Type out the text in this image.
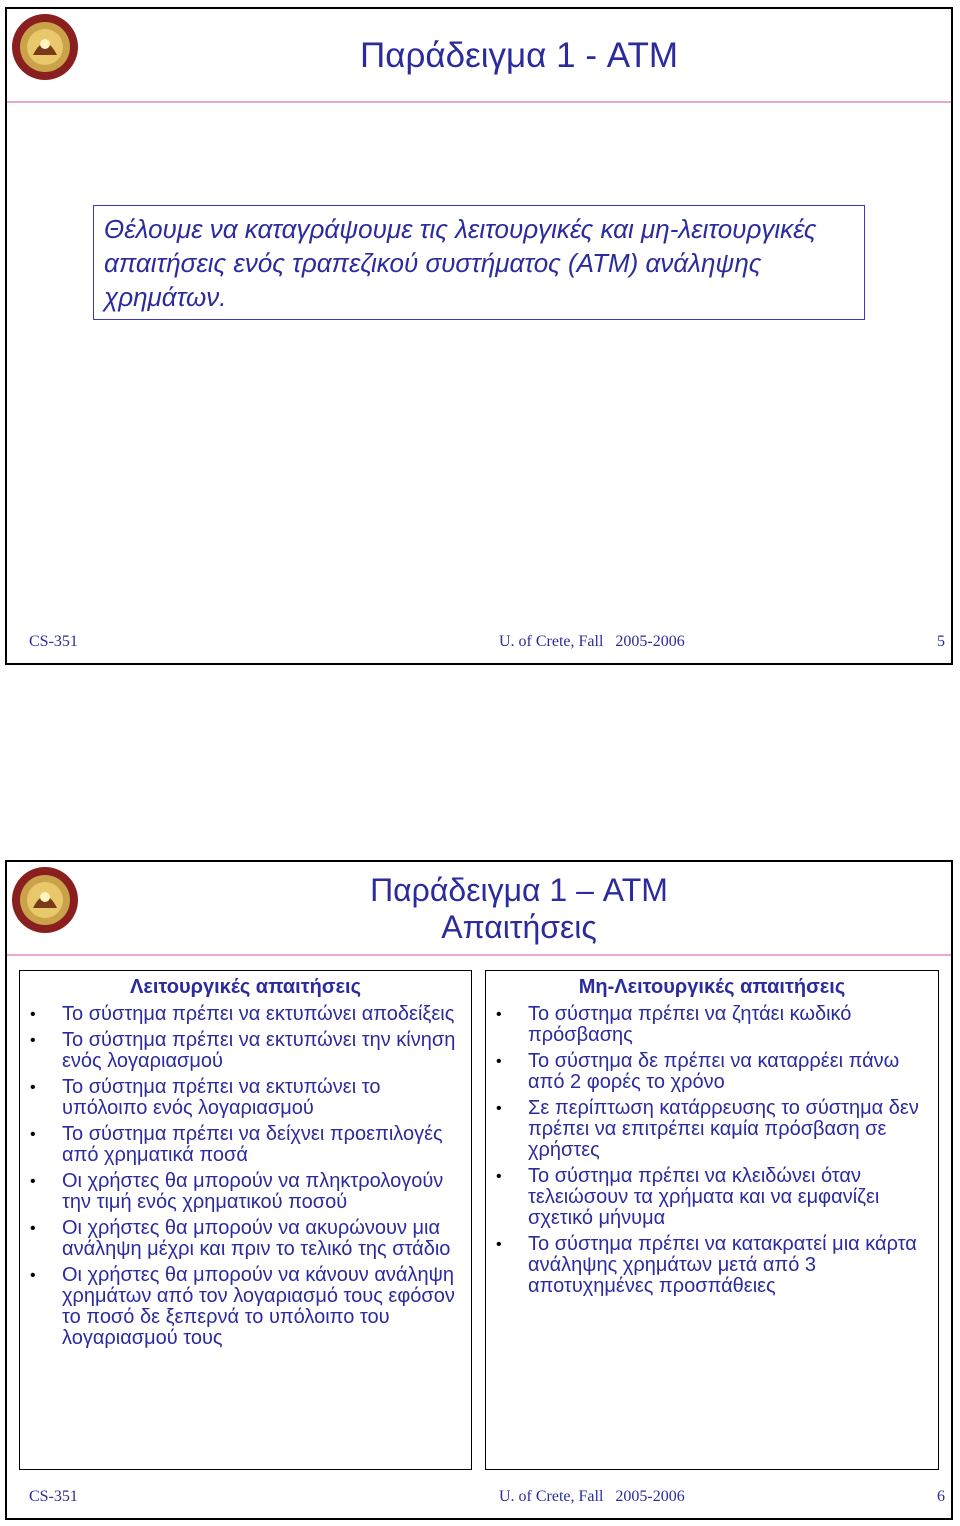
Παράδειγμα 1 - ATM
Θέλουμε να καταγράψουμε τις λειτουργικές και μη-λειτουργικές απαιτήσεις ενός τραπεζικού συστήματος (ATM) ανάληψης χρημάτων.
CS-351	U. of Crete, Fall   2005-2006	5
Παράδειγμα 1 – ATM
Απαιτήσεις
Λειτουργικές απαιτήσεις
• Το σύστημα πρέπει να εκτυπώνει αποδείξεις
• Το σύστημα πρέπει να εκτυπώνει την κίνηση ενός λογαριασμού
• Το σύστημα πρέπει να εκτυπώνει το υπόλοιπο ενός λογαριασμού
• Το σύστημα πρέπει να δείχνει προεπιλογές από χρηματικά ποσά
• Οι χρήστες θα μπορούν να πληκτρολογούν την τιμή ενός χρηματικού ποσού
• Οι χρήστες θα μπορούν να ακυρώνουν μια ανάληψη μέχρι και πριν το τελικό της στάδιο
• Οι χρήστες θα μπορούν να κάνουν ανάληψη χρημάτων από τον λογαριασμό τους εφόσον το ποσό δε ξεπερνά το υπόλοιπο του λογαριασμού τους
Μη-Λειτουργικές απαιτήσεις
• Το σύστημα πρέπει να ζητάει κωδικό πρόσβασης
• Το σύστημα δε πρέπει να καταρρέει πάνω από 2 φορές το χρόνο
• Σε περίπτωση κατάρρευσης το σύστημα δεν πρέπει να επιτρέπει καμία πρόσβαση σε χρήστες
• Το σύστημα πρέπει να κλειδώνει όταν τελειώσουν τα χρήματα και να εμφανίζει σχετικό μήνυμα
• Το σύστημα πρέπει να κατακρατεί μια κάρτα ανάληψης χρημάτων μετά από 3 αποτυχημένες προσπάθειες
CS-351	U. of Crete, Fall   2005-2006	6
